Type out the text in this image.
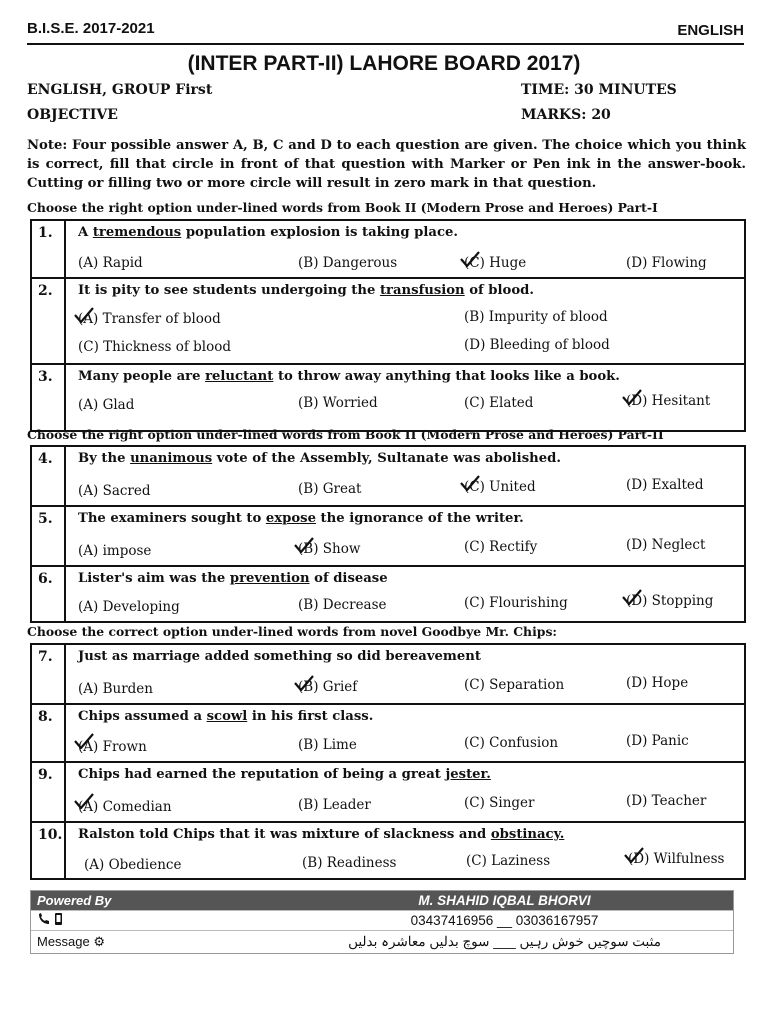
B.I.S.E. 2017-2021	ENGLISH
(INTER PART-II) LAHORE BOARD 2017)
ENGLISH, GROUP First	TIME: 30 MINUTES
OBJECTIVE	MARKS: 20
Note: Four possible answer A, B, C and D to each question are given. The choice which you think is correct, fill that circle in front of that question with Marker or Pen ink in the answer-book. Cutting or filling two or more circle will result in zero mark in that question.
Choose the right option under-lined words from Book II (Modern Prose and Heroes) Part-I
1.	A tremendous population explosion is taking place.
(A) Rapid	(B) Dangerous	(C) Huge	(D) Flowing
2.	It is pity to see students undergoing the transfusion of blood.
(A) Transfer of blood	(B) Impurity of blood
(C) Thickness of blood	(D) Bleeding of blood
3.	Many people are reluctant to throw away anything that looks like a book.
(A) Glad	(B) Worried	(C) Elated	(D) Hesitant
Choose the right option under-lined words from Book II (Modern Prose and Heroes) Part-II
4.	By the unanimous vote of the Assembly, Sultanate was abolished.
(A) Sacred	(B) Great	(C) United	(D) Exalted
5.	The examiners sought to expose the ignorance of the writer.
(A) impose	(B) Show	(C) Rectify	(D) Neglect
6.	Lister's aim was the prevention of disease
(A) Developing	(B) Decrease	(C) Flourishing	(D) Stopping
Choose the correct option under-lined words from novel Goodbye Mr. Chips:
7.	Just as marriage added something so did bereavement
(A) Burden	(B) Grief	(C) Separation	(D) Hope
8.	Chips assumed a scowl in his first class.
(A) Frown	(B) Lime	(C) Confusion	(D) Panic
9.	Chips had earned the reputation of being a great jester.
(A) Comedian	(B) Leader	(C) Singer	(D) Teacher
10. Ralston told Chips that it was mixture of slackness and obstinacy.
(A) Obedience	(B) Readiness	(C) Laziness	(D) Wilfulness
Powered By	M. SHAHID IQBAL BHORVI
03437416956 __ 03036167957
Message ⚙	مثبت سوچیں خوش رہیں ___ سوچ بدلیں معاشرہ بدلیں
